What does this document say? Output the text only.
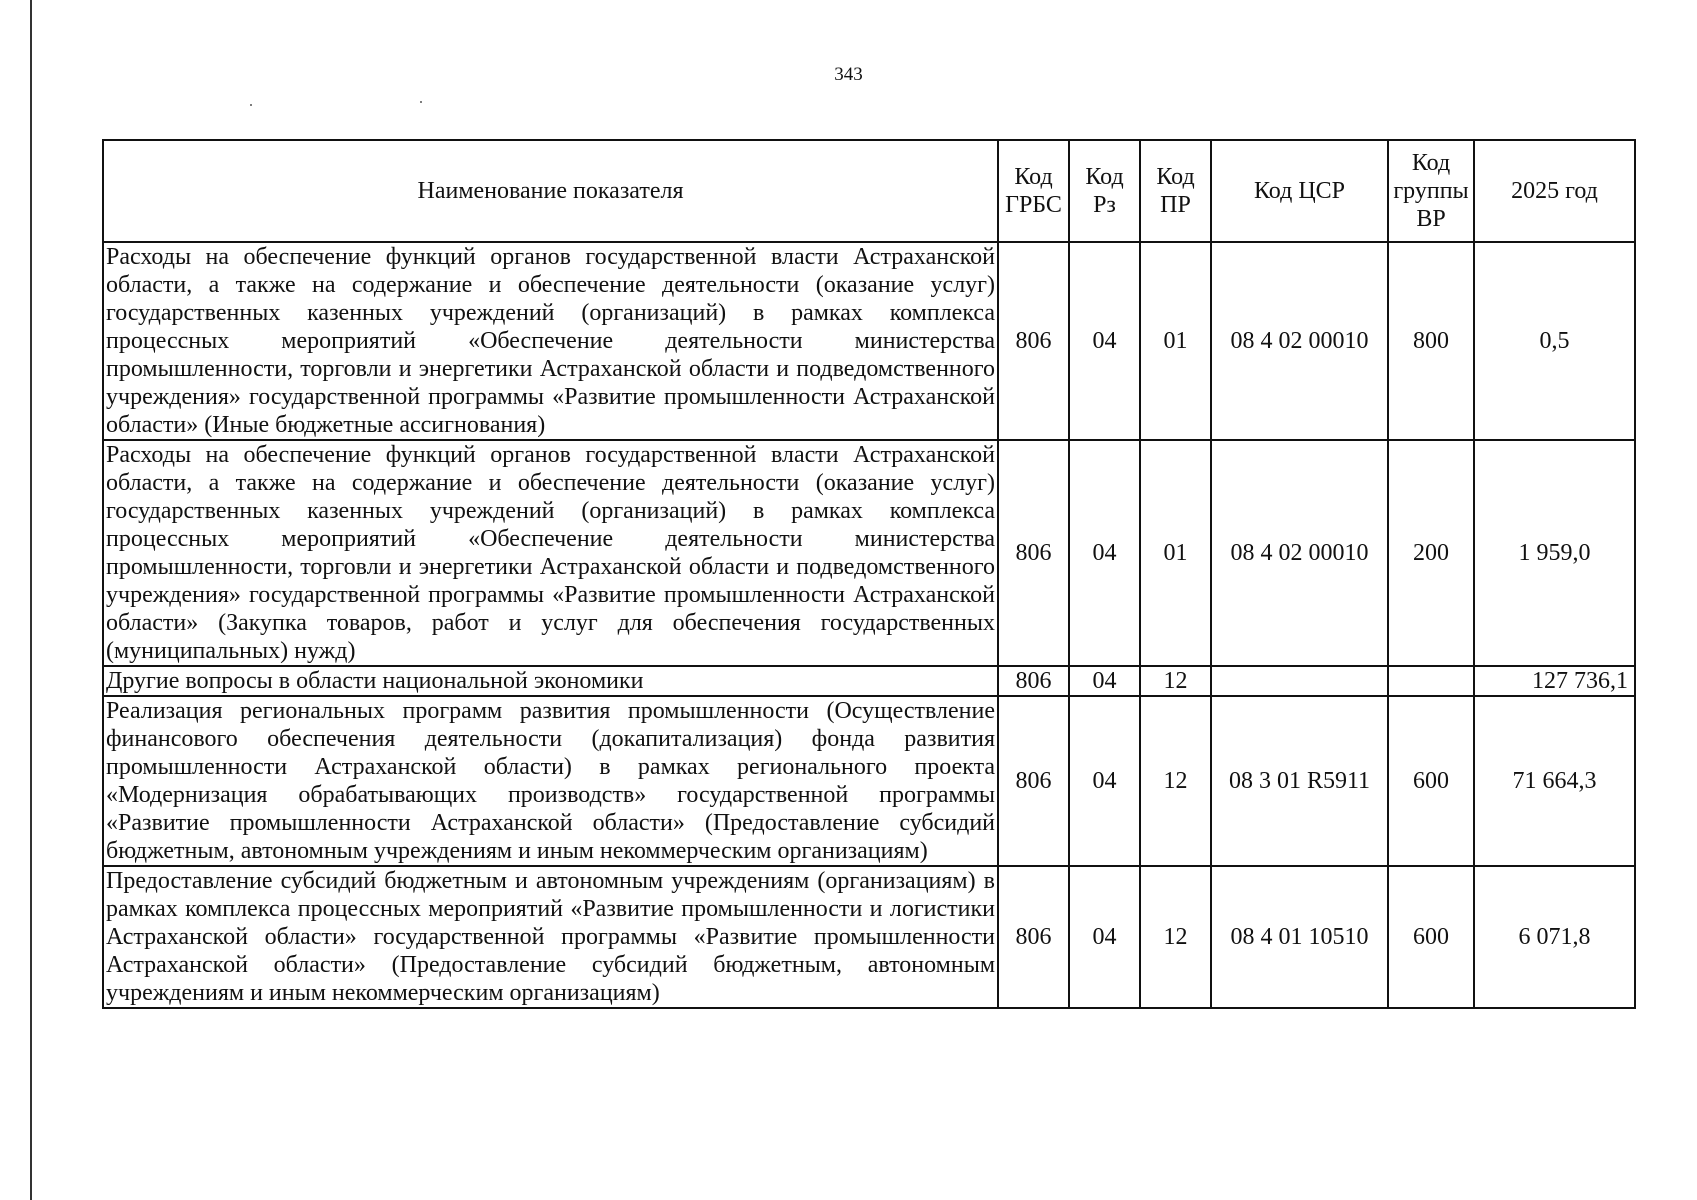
343
Наименование показателя	Код ГРБС	Код Рз	Код ПР	Код ЦСР	Код группы ВР	2025 год
Расходы на обеспечение функций органов государственной власти Астраханской области, а также на содержание и обеспечение деятельности (оказание услуг) государственных казенных учреждений (организаций) в рамках комплекса процессных мероприятий «Обеспечение деятельности министерства промышленности, торговли и энергетики Астраханской области и подведомственного учреждения» государственной программы «Развитие промышленности Астраханской области» (Иные бюджетные ассигнования)	806	04	01	08 4 02 00010	800	0,5
Расходы на обеспечение функций органов государственной власти Астраханской области, а также на содержание и обеспечение деятельности (оказание услуг) государственных казенных учреждений (организаций) в рамках комплекса процессных мероприятий «Обеспечение деятельности министерства промышленности, торговли и энергетики Астраханской области и подведомственного учреждения» государственной программы «Развитие промышленности Астраханской области» (Закупка товаров, работ и услуг для обеспечения государственных (муниципальных) нужд)	806	04	01	08 4 02 00010	200	1 959,0
Другие вопросы в области национальной экономики	806	04	12			127 736,1
Реализация региональных программ развития промышленности (Осуществление финансового обеспечения деятельности (докапитализация) фонда развития промышленности Астраханской области) в рамках регионального проекта «Модернизация обрабатывающих производств» государственной программы «Развитие промышленности Астраханской области» (Предоставление субсидий бюджетным, автономным учреждениям и иным некоммерческим организациям)	806	04	12	08 3 01 R5911	600	71 664,3
Предоставление субсидий бюджетным и автономным учреждениям (организациям) в рамках комплекса процессных мероприятий «Развитие промышленности и логистики Астраханской области» государственной программы «Развитие промышленности Астраханской области» (Предоставление субсидий бюджетным, автономным учреждениям и иным некоммерческим организациям)	806	04	12	08 4 01 10510	600	6 071,8
